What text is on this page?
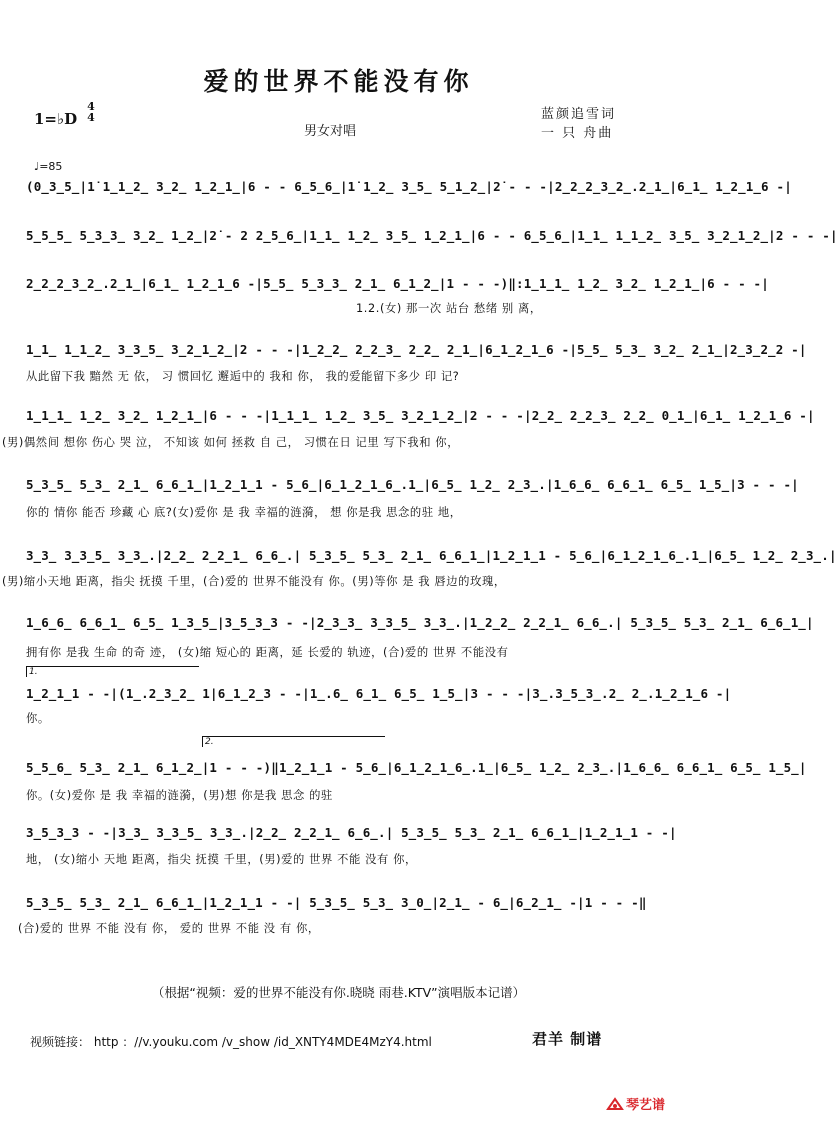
爱的世界不能没有你
1=♭D
4
4
男女对唱
蓝颜追雪词
一 只 舟曲
♩=85
(0̲3̲5̲|1̇ 1̲1̲2̲ 3̲2̲ 1̲2̲1̲|6 - - 6̲5̲6̲|1̇ 1̲2̲ 3̲5̲ 5̲1̲2̲|2̇ - - -|2̲2̲2̲3̲2̲.2̲1̲|6̲1̲ 1̲2̲1̲6 -|
5̲5̲5̲ 5̲3̲3̲ 3̲2̲ 1̲2̲|2̇ - 2 2̲5̲6̲|1̲1̲ 1̲2̲ 3̲5̲ 1̲2̲1̲|6 - - 6̲5̲6̲|1̲1̲ 1̲1̲2̲ 3̲5̲ 3̲2̲1̲2̲|2 - - -|
2̲2̲2̲3̲2̲.2̲1̲|6̲1̲ 1̲2̲1̲6 -|5̲5̲ 5̲3̲3̲ 2̲1̲ 6̲1̲2̲|1 - - -)‖:1̲1̲1̲ 1̲2̲ 3̲2̲ 1̲2̲1̲|6 - - -|
1.2.(女) 那一次 站台 愁绪 别 离，
1̲1̲ 1̲1̲2̲ 3̲3̲5̲ 3̲2̲1̲2̲|2 - - -|1̲2̲2̲ 2̲2̲3̲ 2̲2̲ 2̲1̲|6̲1̲2̲1̲6 -|5̲5̲ 5̲3̲ 3̲2̲ 2̲1̲|2̲3̲2̲2 -|
从此留下我 黯然 无 依， 习 惯回忆 邂逅中的 我和 你， 我的爱能留下多少 印 记?
1̲1̲1̲ 1̲2̲ 3̲2̲ 1̲2̲1̲|6 - - -|1̲1̲1̲ 1̲2̲ 3̲5̲ 3̲2̲1̲2̲|2 - - -|2̲2̲ 2̲2̲3̲ 2̲2̲ 0̲1̲|6̲1̲ 1̲2̲1̲6 -|
(男)偶然间 想你 伤心 哭 泣， 不知该 如何 拯救 自 己， 习惯在日 记里 写下我和 你，
5̲3̲5̲ 5̲3̲ 2̲1̲ 6̲6̲1̲|1̲2̲1̲1 - 5̲6̲|6̲1̲2̲1̲6̲.1̲|6̲5̲ 1̲2̲ 2̲3̲.|1̲6̲6̲ 6̲6̲1̲ 6̲5̲ 1̲5̲|3 - - -|
你的 情你 能否 珍藏 心 底?(女)爱你 是 我 幸福的涟漪， 想 你是我 思念的驻 地，
3̲3̲ 3̲3̲5̲ 3̲3̲.|2̲2̲ 2̲2̲1̲ 6̲6̲.| 5̲3̲5̲ 5̲3̲ 2̲1̲ 6̲6̲1̲|1̲2̲1̲1 - 5̲6̲|6̲1̲2̲1̲6̲.1̲|6̲5̲ 1̲2̲ 2̲3̲.|
(男)缩小天地 距离，指尖 抚摸 千里，(合)爱的 世界不能没有 你。(男)等你 是 我 唇边的玫瑰，
1̲6̲6̲ 6̲6̲1̲ 6̲5̲ 1̲3̲5̲|3̲5̲3̲3 - -|2̲3̲3̲ 3̲3̲5̲ 3̲3̲.|1̲2̲2̲ 2̲2̲1̲ 6̲6̲.| 5̲3̲5̲ 5̲3̲ 2̲1̲ 6̲6̲1̲|
拥有你 是我 生命 的奇 迹， (女)缩 短心的 距离，延 长爱的 轨迹，(合)爱的 世界 不能没有
1.
1̲2̲1̲1 - -|(1̲.2̲3̲2̲ 1|6̲1̲2̲3 - -|1̲.6̲ 6̲1̲ 6̲5̲ 1̲5̲|3 - - -|3̲.3̲5̲3̲.2̲ 2̲.1̲2̲1̲6 -|
你。
2.
5̲5̲6̲ 5̲3̲ 2̲1̲ 6̲1̲2̲|1 - - -)‖1̲2̲1̲1 - 5̲6̲|6̲1̲2̲1̲6̲.1̲|6̲5̲ 1̲2̲ 2̲3̲.|1̲6̲6̲ 6̲6̲1̲ 6̲5̲ 1̲5̲|
你。(女)爱你 是 我 幸福的涟漪，(男)想 你是我 思念 的驻
3̲5̲3̲3 - -|3̲3̲ 3̲3̲5̲ 3̲3̲.|2̲2̲ 2̲2̲1̲ 6̲6̲.| 5̲3̲5̲ 5̲3̲ 2̲1̲ 6̲6̲1̲|1̲2̲1̲1 - -|
地， (女)缩小 天地 距离，指尖 抚摸 千里，(男)爱的 世界 不能 没有 你，
5̲3̲5̲ 5̲3̲ 2̲1̲ 6̲6̲1̲|1̲2̲1̲1 - -| 5̲3̲5̲ 5̲3̲ 3̲0̲|2̲1̲ - 6̲|6̲2̲1̲ -|1 - - -‖
(合)爱的 世界 不能 没有 你， 爱的 世界 不能 没 有 你，
（根据“视频：爱的世界不能没有你.晓晓 雨巷.KTV”演唱版本记谱）
视频链接： http ：//v.youku.com /v_show /id_XNTY4MDE4MzY4.html	君羊 制谱
琴艺谱
